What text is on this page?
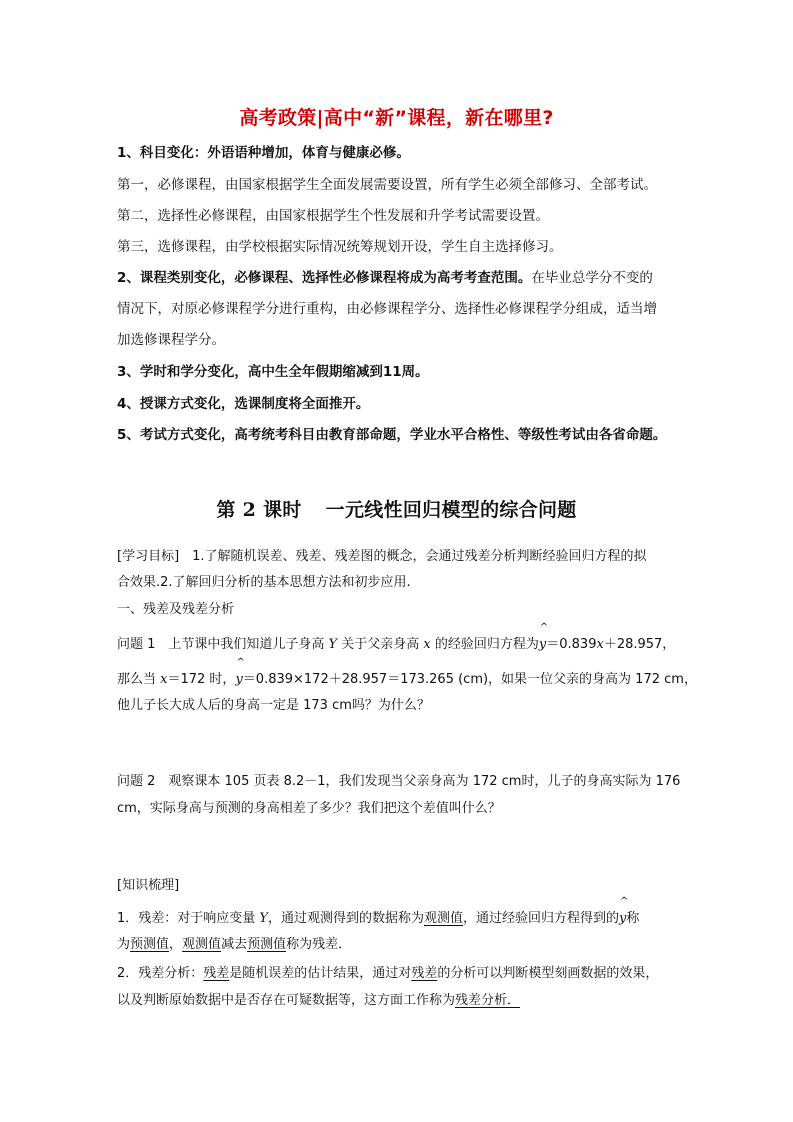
高考政策|高中“新”课程，新在哪里?
1、科目变化：外语语种增加，体育与健康必修。
第一，必修课程，由国家根据学生全面发展需要设置，所有学生必须全部修习、全部考试。
第二，选择性必修课程，由国家根据学生个性发展和升学考试需要设置。
第三，选修课程，由学校根据实际情况统筹规划开设，学生自主选择修习。
2、课程类别变化，必修课程、选择性必修课程将成为高考考查范围。在毕业总学分不变的
情况下，对原必修课程学分进行重构，由必修课程学分、选择性必修课程学分组成，适当增
加选修课程学分。
3、学时和学分变化，高中生全年假期缩减到11周。
4、授课方式变化，选课制度将全面推开。
5、考试方式变化，高考统考科目由教育部命题，学业水平合格性、等级性考试由各省命题。
第 2 课时 一元线性回归模型的综合问题
[学习目标]　1.了解随机误差、残差、残差图的概念，会通过残差分析判断经验回归方程的拟
合效果.2.了解回归分析的基本思想方法和初步应用.
一、残差及残差分析
问题 1　上节课中我们知道儿子身高 Y 关于父亲身高 x 的经验回归方程为^ y＝0.839x＋28.957，
那么当 x＝172 时，^ y＝0.839×172＋28.957＝173.265 (cm)，如果一位父亲的身高为 172 cm，
他儿子长大成人后的身高一定是 173 cm吗？为什么？
问题 2　观察课本 105 页表 8.2－1，我们发现当父亲身高为 172 cm时，儿子的身高实际为 176
cm，实际身高与预测的身高相差了多少？我们把这个差值叫什么？
[知识梳理]
1．残差：对于响应变量 Y，通过观测得到的数据称为观测值，通过经验回归方程得到的^ y称
为预测值，观测值减去预测值称为残差．
2．残差分析：残差是随机误差的估计结果，通过对残差的分析可以判断模型刻画数据的效果，
以及判断原始数据中是否存在可疑数据等，这方面工作称为残差分析．
